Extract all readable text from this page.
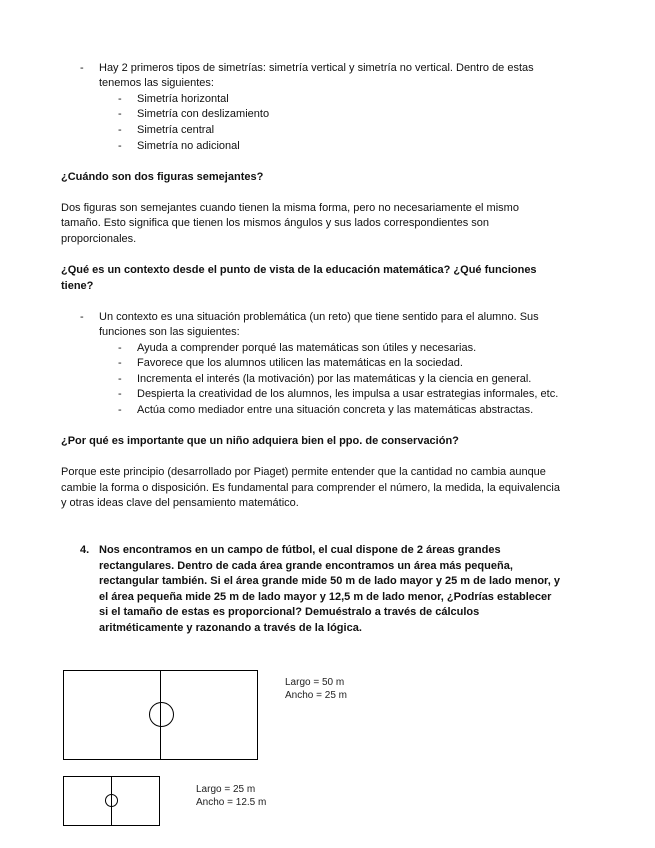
- Hay 2 primeros tipos de simetrías: simetría vertical y simetría no vertical. Dentro de estas
tenemos las siguientes:
- Simetría horizontal
- Simetría con deslizamiento
- Simetría central
- Simetría no adicional
¿Cuándo son dos figuras semejantes?
Dos figuras son semejantes cuando tienen la misma forma, pero no necesariamente el mismo
tamaño. Esto significa que tienen los mismos ángulos y sus lados correspondientes son
proporcionales.
¿Qué es un contexto desde el punto de vista de la educación matemática? ¿Qué funciones
tiene?
- Un contexto es una situación problemática (un reto) que tiene sentido para el alumno. Sus
funciones son las siguientes:
- Ayuda a comprender porqué las matemáticas son útiles y necesarias.
- Favorece que los alumnos utilicen las matemáticas en la sociedad.
- Incrementa el interés (la motivación) por las matemáticas y la ciencia en general.
- Despierta la creatividad de los alumnos, les impulsa a usar estrategias informales, etc.
- Actúa como mediador entre una situación concreta y las matemáticas abstractas.
¿Por qué es importante que un niño adquiera bien el ppo. de conservación?
Porque este principio (desarrollado por Piaget) permite entender que la cantidad no cambia aunque
cambie la forma o disposición. Es fundamental para comprender el número, la medida, la equivalencia
y otras ideas clave del pensamiento matemático.
4. Nos encontramos en un campo de fútbol, el cual dispone de 2 áreas grandes
rectangulares. Dentro de cada área grande encontramos un área más pequeña,
rectangular también. Si el área grande mide 50 m de lado mayor y 25 m de lado menor, y
el área pequeña mide 25 m de lado mayor y 12,5 m de lado menor, ¿Podrías establecer
si el tamaño de estas es proporcional? Demuéstralo a través de cálculos
aritméticamente y razonando a través de la lógica.
Largo = 50 m
Ancho = 25 m
Largo = 25 m
Ancho = 12.5 m
